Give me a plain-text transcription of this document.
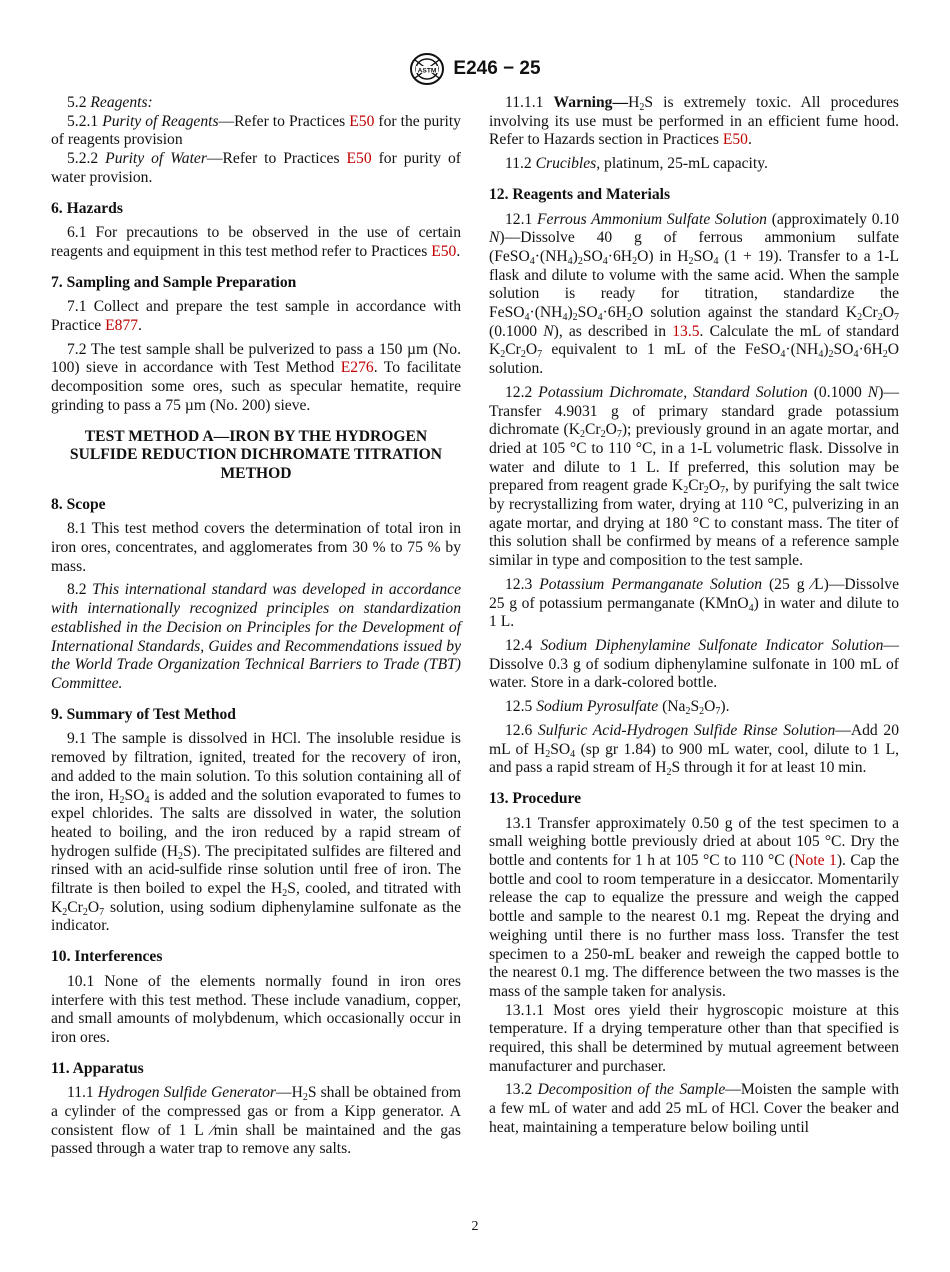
ASTM E246 − 25

5.2 Reagents:

5.2.1 Purity of Reagents—Refer to Practices E50 for the purity of reagents provision

5.2.2 Purity of Water—Refer to Practices E50 for purity of water provision.

6. Hazards

6.1 For precautions to be observed in the use of certain reagents and equipment in this test method refer to Practices E50.

7. Sampling and Sample Preparation

7.1 Collect and prepare the test sample in accordance with Practice E877.

7.2 The test sample shall be pulverized to pass a 150 µm (No. 100) sieve in accordance with Test Method E276. To facilitate decomposition some ores, such as specular hematite, require grinding to pass a 75 µm (No. 200) sieve.

TEST METHOD A—IRON BY THE HYDROGEN SULFIDE REDUCTION DICHROMATE TITRATION METHOD
8. Scope

8.1 This test method covers the determination of total iron in iron ores, concentrates, and agglomerates from 30 % to 75 % by mass.

8.2 This international standard was developed in accordance with internationally recognized principles on standardization established in the Decision on Principles for the Development of International Standards, Guides and Recommendations issued by the World Trade Organization Technical Barriers to Trade (TBT) Committee.

9. Summary of Test Method

9.1 The sample is dissolved in HCl. The insoluble residue is removed by filtration, ignited, treated for the recovery of iron, and added to the main solution. To this solution containing all of the iron, $H_2SO_4$ is added and the solution evaporated to fumes to expel chlorides. The salts are dissolved in water, the solution heated to boiling, and the iron reduced by a rapid stream of hydrogen sulfide $(H_2S)$. The precipitated sulfides are filtered and rinsed with an acid-sulfide rinse solution until free of iron. The filtrate is then boiled to expel the $H_2S$, cooled, and titrated with $K_2Cr_2O_7$ solution, using sodium diphenylamine sulfonate as the indicator.

10. Interferences

10.1 None of the elements normally found in iron ores interfere with this test method. These include vanadium, copper, and small amounts of molybdenum, which occasionally occur in iron ores.

11. Apparatus

11.1 Hydrogen Sulfide $Generator—H_2S$ shall be obtained from a cylinder of the compressed gas or from a Kipp generator. A consistent flow of 1 L ⁄min shall be maintained and the gas passed through a water trap to remove any salts.

11.1.1 $Warning—H_2S$ is extremely toxic. All procedures involving its use must be performed in an efficient fume hood. Refer to Hazards section in Practices E50.

11.2 Crucibles, platinum, 25-mL capacity.

12. Reagents and Materials

12.1 Ferrous Ammonium Sulfate Solution (approximately 0.10 N)—Dissolve 40 g of ferrous ammonium sulfate $(FeSO_4\cdot(NH_4)_2SO_4\cdot 6H_2O)$ in $H_2SO_4$ (1 + 19). Transfer to a 1-L flask and dilute to volume with the same acid. When the sample solution is ready for titration, standardize the $FeSO_4\cdot(NH_4)_2SO_4\cdot 6H_2O$ solution against the standard $K_2Cr_2O_7$ (0.1000 N), as described in 13.5. Calculate the mL of standard $K_2Cr_2O_7$ equivalent to 1 mL of the $FeSO_4\cdot(NH_4)_2SO_4\cdot 6H_2O$ solution.

12.2 Potassium Dichromate, Standard Solution (0.1000 N)—Transfer 4.9031 g of primary standard grade potassium dichromate $(K_2Cr_2O_7)$; previously ground in an agate mortar, and dried at 105 °C to 110 °C, in a 1-L volumetric flask. Dissolve in water and dilute to 1 L. If preferred, this solution may be prepared from reagent grade $K_2Cr_2O_7$, by purifying the salt twice by recrystallizing from water, drying at 110 °C, pulverizing in an agate mortar, and drying at 180 °C to constant mass. The titer of this solution shall be confirmed by means of a reference sample similar in type and composition to the test sample.

12.3 Potassium Permanganate Solution (25 g ⁄L)—Dissolve 25 g of potassium permanganate (KMnO$_4$) in water and dilute to 1 L.

12.4 Sodium Diphenylamine Sulfonate Indicator Solution—Dissolve 0.3 g of sodium diphenylamine sulfonate in 100 mL of water. Store in a dark-colored bottle.

12.5 Sodium Pyrosulfate $(Na_2S_2O_7)$.

12.6 Sulfuric Acid-Hydrogen Sulfide Rinse Solution—Add 20 mL of $H_2SO_4$ (sp gr 1.84) to 900 mL water, cool, dilute to 1 L, and pass a rapid stream of $H_2S$ through it for at least 10 min.

13. Procedure

13.1 Transfer approximately 0.50 g of the test specimen to a small weighing bottle previously dried at about 105 °C. Dry the bottle and contents for 1 h at 105 °C to 110 °C (Note 1). Cap the bottle and cool to room temperature in a desiccator. Momentarily release the cap to equalize the pressure and weigh the capped bottle and sample to the nearest 0.1 mg. Repeat the drying and weighing until there is no further mass loss. Transfer the test specimen to a 250-mL beaker and reweigh the capped bottle to the nearest 0.1 mg. The difference between the two masses is the mass of the sample taken for analysis.

13.1.1 Most ores yield their hygroscopic moisture at this temperature. If a drying temperature other than that specified is required, this shall be determined by mutual agreement between manufacturer and purchaser.

13.2 Decomposition of the Sample—Moisten the sample with a few mL of water and add 25 mL of HCl. Cover the beaker and heat, maintaining a temperature below boiling until

2
